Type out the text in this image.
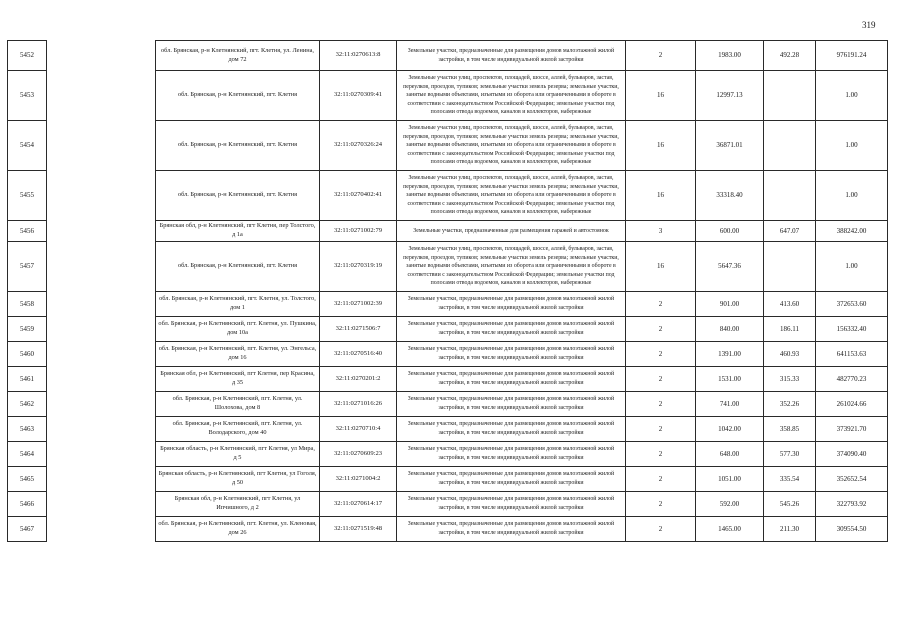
319
5452		обл. Брянская, р-н Клетнянский, пгт. Клетня, ул. Ленина, дом 72	32:11:0270613:8	Земельные участки, предназначенные для размещения домов малоэтажной жилой застройки, в том числе индивидуальной жилой застройки	2	1983.00	492.28	976191.24
5453		обл. Брянская, р-н Клетнянский, пгт. Клетня	32:11:0270309:41	Земельные участки улиц, проспектов, площадей, шоссе, аллей, бульваров, застав, переулков, проездов, тупиков; земельные участки земель резерва; земельные участки, занятые водными объектами, изъятыми из оборота или ограниченными в обороте в соответствии с законодательством Российской Федерации; земельные участки под полосами отвода водоемов, каналов и коллекторов, набережные	16	12997.13		1.00
5454		обл. Брянская, р-н Клетнянский, пгт. Клетня	32:11:0270326:24	Земельные участки улиц, проспектов, площадей, шоссе, аллей, бульваров, застав, переулков, проездов, тупиков; земельные участки земель резерва; земельные участки, занятые водными объектами, изъятыми из оборота или ограниченными в обороте в соответствии с законодательством Российской Федерации; земельные участки под полосами отвода водоемов, каналов и коллекторов, набережные	16	36871.01		1.00
5455		обл. Брянская, р-н Клетнянский, пгт. Клетня	32:11:0270402:41	Земельные участки улиц, проспектов, площадей, шоссе, аллей, бульваров, застав, переулков, проездов, тупиков; земельные участки земель резерва; земельные участки, занятые водными объектами, изъятыми из оборота или ограниченными в обороте в соответствии с законодательством Российской Федерации; земельные участки под полосами отвода водоемов, каналов и коллекторов, набережные	16	33318.40		1.00
5456		Брянская обл, р-н Клетнянский, пгт Клетня, пер Толстого, д 1а	32:11:0271002:79	Земельные участки, предназначенные для размещения гаражей и автостоянок	3	600.00	647.07	388242.00
5457		обл. Брянская, р-н Клетнянский, пгт. Клетня	32:11:0270319:19	Земельные участки улиц, проспектов, площадей, шоссе, аллей, бульваров, застав, переулков, проездов, тупиков; земельные участки земель резерва; земельные участки, занятые водными объектами, изъятыми из оборота или ограниченными в обороте в соответствии с законодательством Российской Федерации; земельные участки под полосами отвода водоемов, каналов и коллекторов, набережные	16	5647.36		1.00
5458		обл. Брянская, р-н Клетнянский, пгт. Клетня, ул. Толстого, дом 1	32:11:0271002:39	Земельные участки, предназначенные для размещения домов малоэтажной жилой застройки, в том числе индивидуальной жилой застройки	2	901.00	413.60	372653.60
5459		обл. Брянская, р-н Клетнянский, пгт. Клетня, ул. Пушкина, дом 10а	32:11:0271506:7	Земельные участки, предназначенные для размещения домов малоэтажной жилой застройки, в том числе индивидуальной жилой застройки	2	840.00	186.11	156332.40
5460		обл. Брянская, р-н Клетнянский, пгт. Клетня, ул. Энгельса, дом 16	32:11:0270516:40	Земельные участки, предназначенные для размещения домов малоэтажной жилой застройки, в том числе индивидуальной жилой застройки	2	1391.00	460.93	641153.63
5461		Брянская обл, р-н Клетнянский, пгт Клетня, пер Красина, д 35	32:11:0270201:2	Земельные участки, предназначенные для размещения домов малоэтажной жилой застройки, в том числе индивидуальной жилой застройки	2	1531.00	315.33	482770.23
5462		обл. Брянская, р-н Клетнянский, пгт. Клетня, ул. Шолохова, дом 8	32:11:0271016:26	Земельные участки, предназначенные для размещения домов малоэтажной жилой застройки, в том числе индивидуальной жилой застройки	2	741.00	352.26	261024.66
5463		обл. Брянская, р-н Клетнянский, пгт. Клетня, ул. Володарского, дом 40	32:11:0270710:4	Земельные участки, предназначенные для размещения домов малоэтажной жилой застройки, в том числе индивидуальной жилой застройки	2	1042.00	358.85	373921.70
5464		Брянская область, р-н Клетнянский, пгт Клетня, ул Мира, д 5	32:11:0270609:23	Земельные участки, предназначенные для размещения домов малоэтажной жилой застройки, в том числе индивидуальной жилой застройки	2	648.00	577.30	374090.40
5465		Брянская область, р-н Клетнянский, пгт Клетня, ул Гоголя, д 50	32:11:0271004:2	Земельные участки, предназначенные для размещения домов малоэтажной жилой застройки, в том числе индивидуальной жилой застройки	2	1051.00	335.54	352652.54
5466		Брянская обл, р-н Клетнянский, пгт Клетня, ул Ипчишного, д 2	32:11:0270614:17	Земельные участки, предназначенные для размещения домов малоэтажной жилой застройки, в том числе индивидуальной жилой застройки	2	592.00	545.26	322793.92
5467		обл. Брянская, р-н Клетнянский, пгт. Клетня, ул. Кленовая, дом 26	32:11:0271519:48	Земельные участки, предназначенные для размещения домов малоэтажной жилой застройки, в том числе индивидуальной жилой застройки	2	1465.00	211.30	309554.50
